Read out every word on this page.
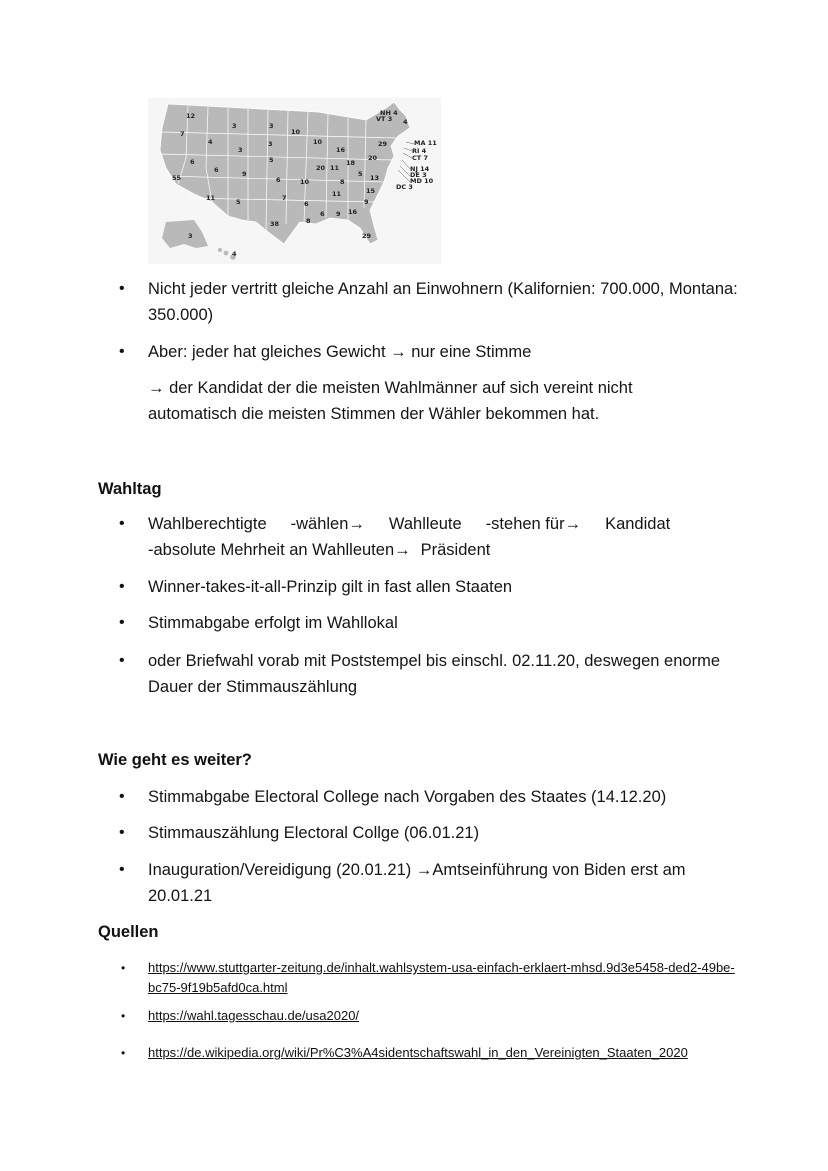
12
7
3
4
3
3
10
3
5
10
16
29
20
NH 4
VT 3 4
MA 11
RI 4
CT 7
NJ 14
DE 3
MD 10
DC 3
6
55
6	9
6	10
20 11
18
8
5 13
15
11
9
11	5	7
6
6 9 16
38	8
29
3
4
• Nicht jeder vertritt gleiche Anzahl an Einwohnern (Kalifornien: 700.000, Montana: 350.000)
• Aber: jeder hat gleiches Gewicht → nur eine Stimme
→ der Kandidat der die meisten Wahlmänner auf sich vereint nicht automatisch die meisten Stimmen der Wähler bekommen hat.
Wahltag
• Wahlberechtigte -wählen→ Wahlleute -stehen für→ Kandidat
-absolute Mehrheit an Wahlleuten→ Präsident
• Winner-takes-it-all-Prinzip gilt in fast allen Staaten
• Stimmabgabe erfolgt im Wahllokal
• oder Briefwahl vorab mit Poststempel bis einschl. 02.11.20, deswegen enorme Dauer der Stimmauszählung
Wie geht es weiter?
• Stimmabgabe Electoral College nach Vorgaben des Staates (14.12.20)
• Stimmauszählung Electoral Collge (06.01.21)
• Inauguration/Vereidigung (20.01.21) →Amtseinführung von Biden erst am 20.01.21
Quellen
• https://www.stuttgarter-zeitung.de/inhalt.wahlsystem-usa-einfach-erklaert-mhsd.9d3e5458-ded2-49be-bc75-9f19b5afd0ca.html
• https://wahl.tagesschau.de/usa2020/
• https://de.wikipedia.org/wiki/Pr%C3%A4sidentschaftswahl_in_den_Vereinigten_Staaten_2020
